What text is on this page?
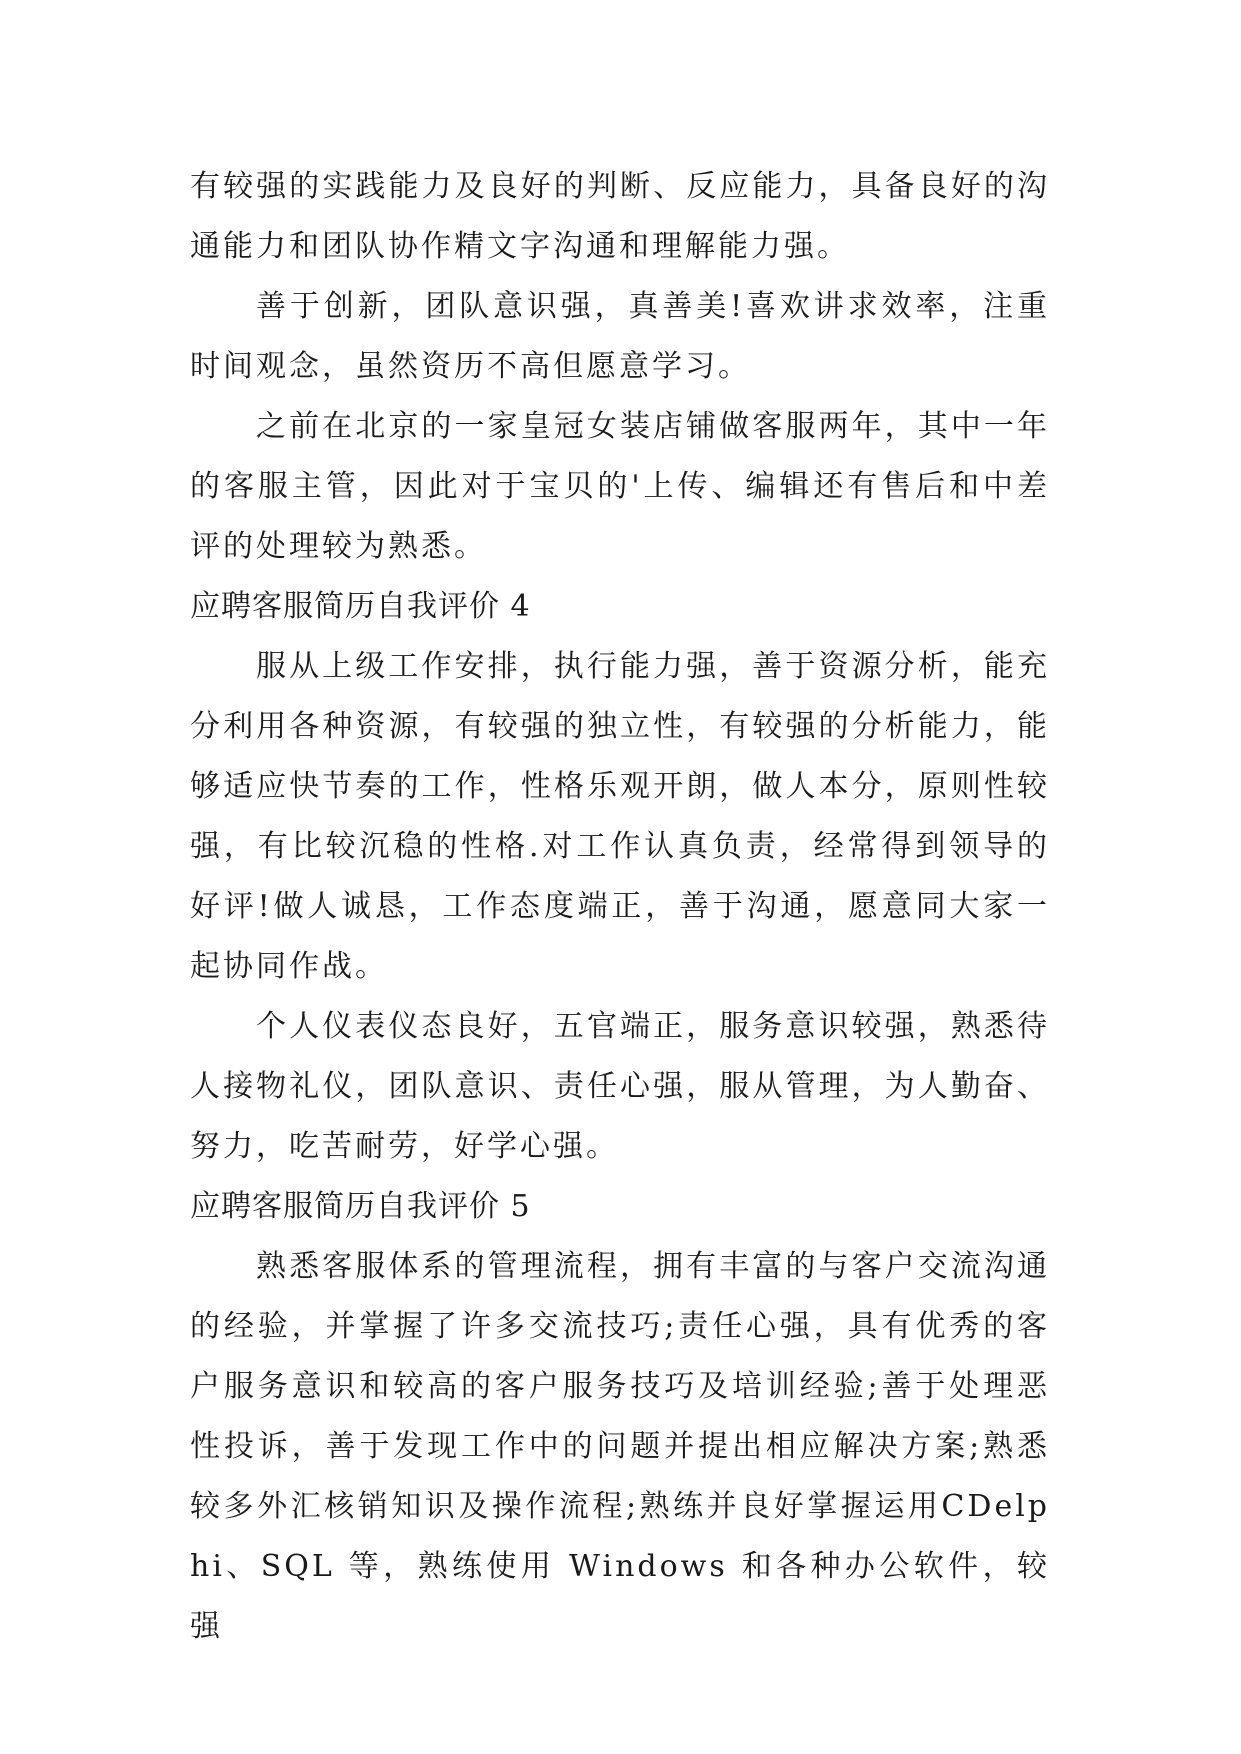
有较强的实践能力及良好的判断、反应能力，具备良好的沟通能力和团队协作精文字沟通和理解能力强。

善于创新，团队意识强，真善美!喜欢讲求效率，注重时间观念，虽然资历不高但愿意学习。

之前在北京的一家皇冠女装店铺做客服两年，其中一年的客服主管，因此对于宝贝的'上传、编辑还有售后和中差评的处理较为熟悉。

应聘客服简历自我评价 4

服从上级工作安排，执行能力强，善于资源分析，能充分利用各种资源，有较强的独立性，有较强的分析能力，能够适应快节奏的工作，性格乐观开朗，做人本分，原则性较强，有比较沉稳的性格.对工作认真负责，经常得到领导的好评!做人诚恳，工作态度端正，善于沟通，愿意同大家一起协同作战。

个人仪表仪态良好，五官端正，服务意识较强，熟悉待人接物礼仪，团队意识、责任心强，服从管理，为人勤奋、努力，吃苦耐劳，好学心强。

应聘客服简历自我评价 5

熟悉客服体系的管理流程，拥有丰富的与客户交流沟通的经验，并掌握了许多交流技巧;责任心强，具有优秀的客户服务意识和较高的客户服务技巧及培训经验;善于处理恶性投诉，善于发现工作中的问题并提出相应解决方案;熟悉较多外汇核销知识及操作流程;熟练并良好掌握运用CDelphi、SQL 等，熟练使用 Windows 和各种办公软件，较强
